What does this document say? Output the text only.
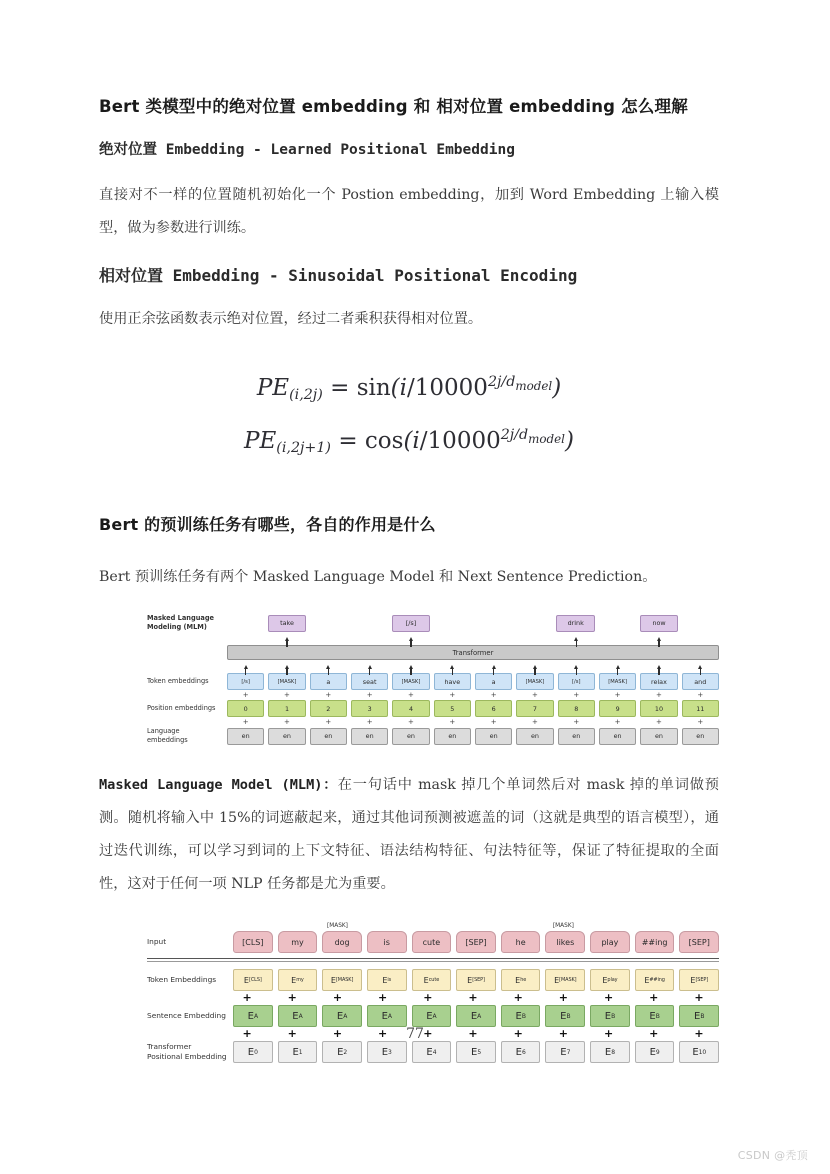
Bert 类模型中的绝对位置 embedding 和 相对位置 embedding 怎么理解
绝对位置 Embedding - Learned Positional Embedding

直接对不一样的位置随机初始化一个 Postion embedding，加到 Word Embedding 上输入模型，做为参数进行训练。

相对位置 Embedding - Sinusoidal Positional Encoding

使用正余弦函数表示绝对位置，经过二者乘积获得相对位置。

$PE_{(i,2j)} = \sin(i/10000^{2j/d_{model}})$
$PE_{(i,2j+1)} = \cos(i/10000^{2j/d_{model}})$
Bert 的预训练任务有哪些，各自的作用是什么

Bert 预训练任务有两个 Masked Language Model 和 Next Sentence Prediction。

Masked Language Modeling (MLM)	take	[/s]	drink	now
Transformer
Token embeddings	[/s]	[MASK]	a	seat	[MASK]	have	a	[MASK]	[/s]	[MASK]	relax	and
+	+	+	+	+	+	+	+	+	+	+	+
Position embeddings	0	1	2	3	4	5	6	7	8	9	10	11
+	+	+	+	+	+	+	+	+	+	+	+
Language embeddings	en	en	en	en	en	en	en	en	en	en	en	en

Masked Language Model (MLM)：在一句话中 mask 掉几个单词然后对 mask 掉的单词做预测。随机将输入中 15%的词遮蔽起来，通过其他词预测被遮盖的词（这就是典型的语言模型），通过迭代训练，可以学习到词的上下文特征、语法结构特征、句法特征等，保证了特征提取的全面性，这对于任何一项 NLP 任务都是尤为重要。

[MASK]	[MASK]
Input	[CLS]	my	dog	is	cute	[SEP]	he	likes	play	##ing	[SEP]
Token Embeddings	E [CLS]	E my	E [MASK]	E is	E cute	E [SEP]	E he	E [MASK]	E play	E ##ing	E [SEP]
+	+	+	+	+	+	+	+	+	+	+
Sentence Embedding	E A	E A	E A	E A	E A	E A	E B	E B	E B	E B	E B
+	+	+	+	+	+	+	+	+	+	+
Transformer Positional Embedding	E 0	E 1	E 2	E 3	E 4	E 5	E 6	E 7	E 8	E 9	E 10
77
CSDN @秃顶
